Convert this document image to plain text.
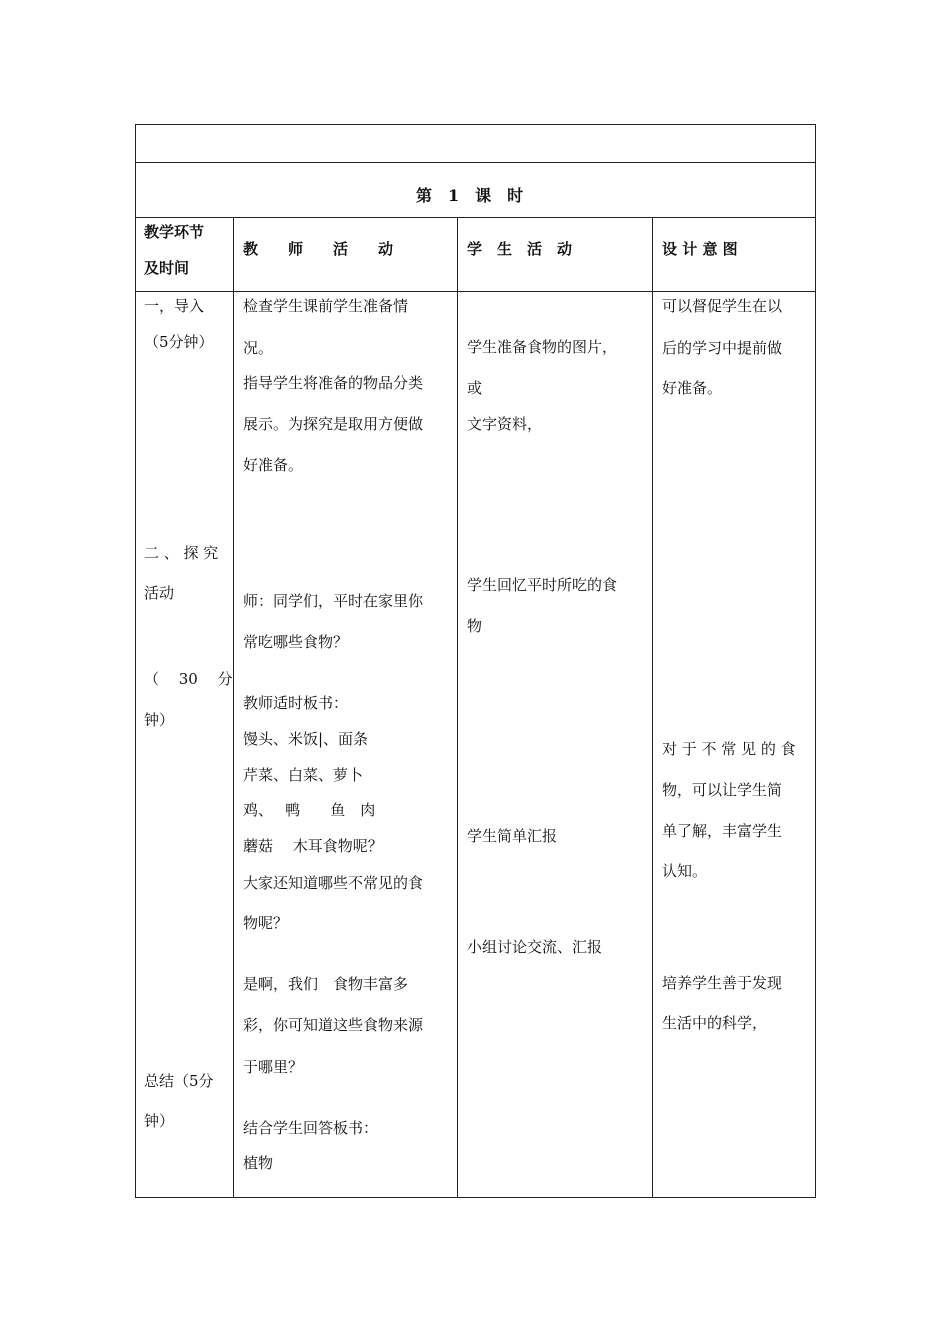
第　1　课　时
教学环节
及时间
教　　师　　活　　动	学　生　活　动	设 计 意 图
一，导入
（5分钟）
二 、 探 究
活动
（　 30 　分
钟）
总结（5分
钟）
检查学生课前学生准备情
况。
指导学生将准备的物品分类
展示。为探究是取用方便做
好准备。
师：同学们，平时在家里你
常吃哪些食物？
教师适时板书：
馒头、米饭|、面条
芹菜、白菜、萝卜
鸡、　 鸭　　鱼　肉
蘑菇　 木耳食物呢？
大家还知道哪些不常见的食
物呢？
是啊，我们　食物丰富多
彩，你可知道这些食物来源
于哪里？
结合学生回答板书：
植物
学生准备食物的图片，
或
文字资料，
学生回忆平时所吃的食
物
学生简单汇报
小组讨论交流、汇报
可以督促学生在以
后的学习中提前做
好准备。
对 于 不 常 见 的 食
物，可以让学生简
单了解，丰富学生
认知。
培养学生善于发现
生活中的科学，
